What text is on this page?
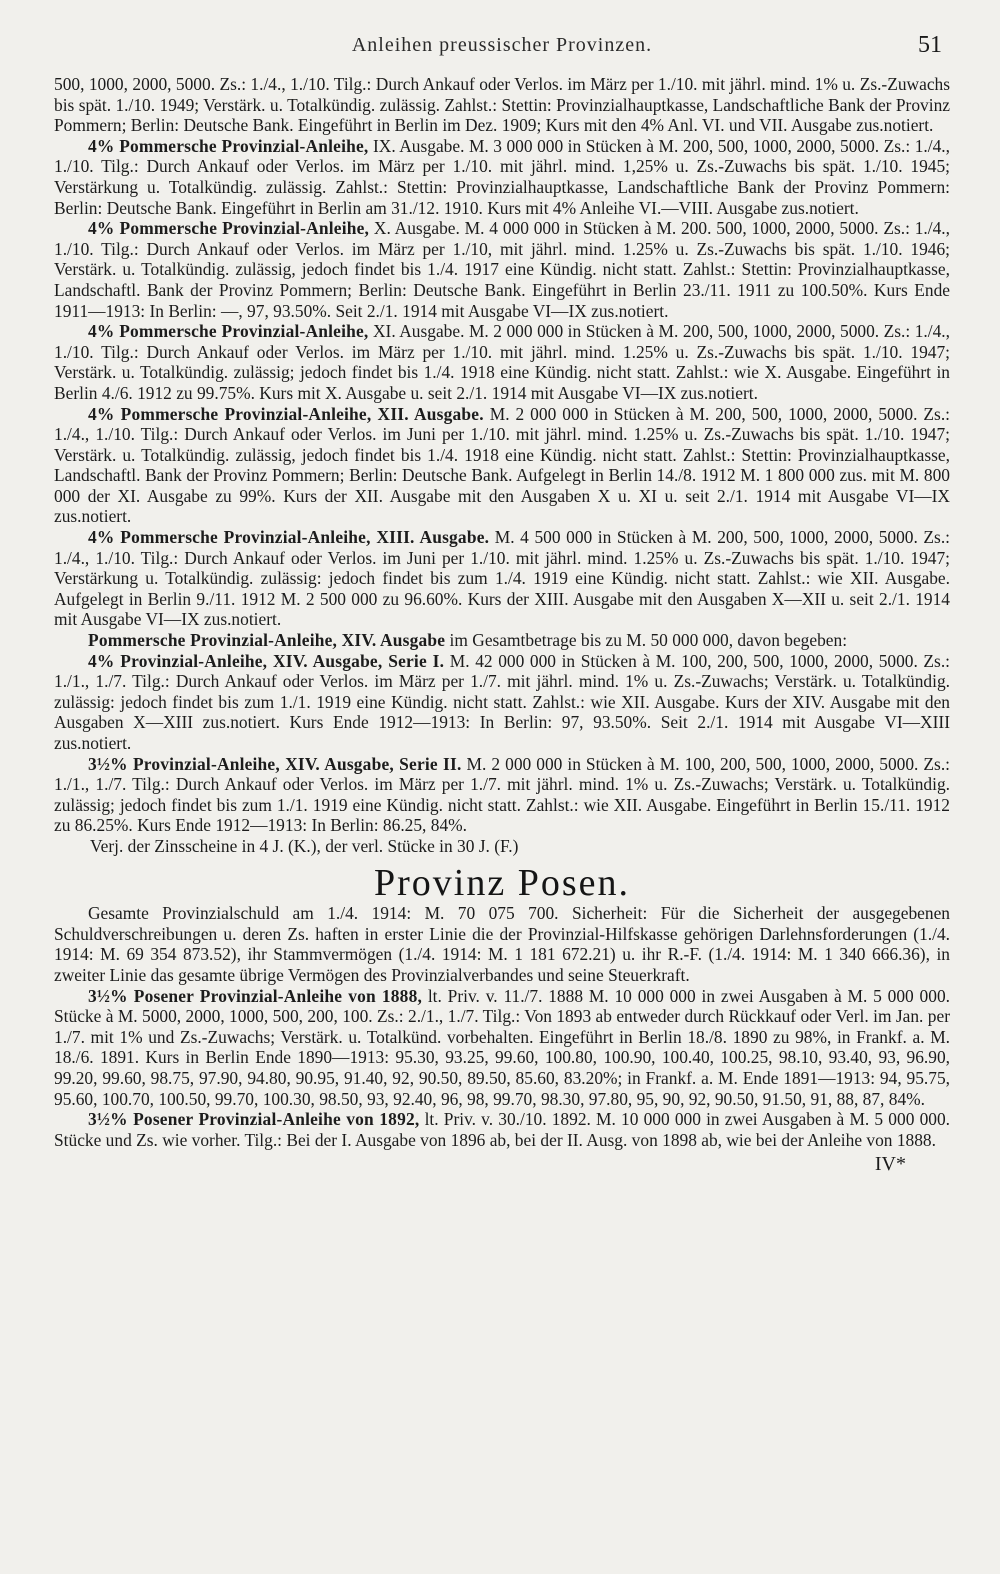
Anleihen preussischer Provinzen.	51

500, 1000, 2000, 5000. Zs.: 1./4., 1./10. Tilg.: Durch Ankauf oder Verlos. im März per 1./10. mit jährl. mind. 1% u. Zs.-Zuwachs bis spät. 1./10. 1949; Verstärk. u. Totalkündig. zulässig. Zahlst.: Stettin: Provinzialhauptkasse, Landschaftliche Bank der Provinz Pommern; Berlin: Deutsche Bank. Eingeführt in Berlin im Dez. 1909; Kurs mit den 4% Anl. VI. und VII. Ausgabe zus.notiert.

4% Pommersche Provinzial-Anleihe, IX. Ausgabe. M. 3 000 000 in Stücken à M. 200, 500, 1000, 2000, 5000. Zs.: 1./4., 1./10. Tilg.: Durch Ankauf oder Verlos. im März per 1./10. mit jährl. mind. 1,25% u. Zs.-Zuwachs bis spät. 1./10. 1945; Verstärkung u. Totalkündig. zulässig. Zahlst.: Stettin: Provinzialhauptkasse, Landschaftliche Bank der Provinz Pommern: Berlin: Deutsche Bank. Eingeführt in Berlin am 31./12. 1910. Kurs mit 4% Anleihe VI.—VIII. Ausgabe zus.notiert.

4% Pommersche Provinzial-Anleihe, X. Ausgabe. M. 4 000 000 in Stücken à M. 200. 500, 1000, 2000, 5000. Zs.: 1./4., 1./10. Tilg.: Durch Ankauf oder Verlos. im März per 1./10, mit jährl. mind. 1.25% u. Zs.-Zuwachs bis spät. 1./10. 1946; Verstärk. u. Totalkündig. zulässig, jedoch findet bis 1./4. 1917 eine Kündig. nicht statt. Zahlst.: Stettin: Provinzialhauptkasse, Landschaftl. Bank der Provinz Pommern; Berlin: Deutsche Bank. Eingeführt in Berlin 23./11. 1911 zu 100.50%. Kurs Ende 1911—1913: In Berlin: —, 97, 93.50%. Seit 2./1. 1914 mit Ausgabe VI—IX zus.notiert.

4% Pommersche Provinzial-Anleihe, XI. Ausgabe. M. 2 000 000 in Stücken à M. 200, 500, 1000, 2000, 5000. Zs.: 1./4., 1./10. Tilg.: Durch Ankauf oder Verlos. im März per 1./10. mit jährl. mind. 1.25% u. Zs.-Zuwachs bis spät. 1./10. 1947; Verstärk. u. Totalkündig. zulässig; jedoch findet bis 1./4. 1918 eine Kündig. nicht statt. Zahlst.: wie X. Ausgabe. Eingeführt in Berlin 4./6. 1912 zu 99.75%. Kurs mit X. Ausgabe u. seit 2./1. 1914 mit Ausgabe VI—IX zus.notiert.

4% Pommersche Provinzial-Anleihe, XII. Ausgabe. M. 2 000 000 in Stücken à M. 200, 500, 1000, 2000, 5000. Zs.: 1./4., 1./10. Tilg.: Durch Ankauf oder Verlos. im Juni per 1./10. mit jährl. mind. 1.25% u. Zs.-Zuwachs bis spät. 1./10. 1947; Verstärk. u. Totalkündig. zulässig, jedoch findet bis 1./4. 1918 eine Kündig. nicht statt. Zahlst.: Stettin: Provinzialhauptkasse, Landschaftl. Bank der Provinz Pommern; Berlin: Deutsche Bank. Aufgelegt in Berlin 14./8. 1912 M. 1 800 000 zus. mit M. 800 000 der XI. Ausgabe zu 99%. Kurs der XII. Ausgabe mit den Ausgaben X u. XI u. seit 2./1. 1914 mit Ausgabe VI—IX zus.notiert.

4% Pommersche Provinzial-Anleihe, XIII. Ausgabe. M. 4 500 000 in Stücken à M. 200, 500, 1000, 2000, 5000. Zs.: 1./4., 1./10. Tilg.: Durch Ankauf oder Verlos. im Juni per 1./10. mit jährl. mind. 1.25% u. Zs.-Zuwachs bis spät. 1./10. 1947; Verstärkung u. Totalkündig. zulässig: jedoch findet bis zum 1./4. 1919 eine Kündig. nicht statt. Zahlst.: wie XII. Ausgabe. Aufgelegt in Berlin 9./11. 1912 M. 2 500 000 zu 96.60%. Kurs der XIII. Ausgabe mit den Ausgaben X—XII u. seit 2./1. 1914 mit Ausgabe VI—IX zus.notiert.

Pommersche Provinzial-Anleihe, XIV. Ausgabe im Gesamtbetrage bis zu M. 50 000 000, davon begeben:

4% Provinzial-Anleihe, XIV. Ausgabe, Serie I. M. 42 000 000 in Stücken à M. 100, 200, 500, 1000, 2000, 5000. Zs.: 1./1., 1./7. Tilg.: Durch Ankauf oder Verlos. im März per 1./7. mit jährl. mind. 1% u. Zs.-Zuwachs; Verstärk. u. Totalkündig. zulässig: jedoch findet bis zum 1./1. 1919 eine Kündig. nicht statt. Zahlst.: wie XII. Ausgabe. Kurs der XIV. Ausgabe mit den Ausgaben X—XIII zus.notiert. Kurs Ende 1912—1913: In Berlin: 97, 93.50%. Seit 2./1. 1914 mit Ausgabe VI—XIII zus.notiert.

3½% Provinzial-Anleihe, XIV. Ausgabe, Serie II. M. 2 000 000 in Stücken à M. 100, 200, 500, 1000, 2000, 5000. Zs.: 1./1., 1./7. Tilg.: Durch Ankauf oder Verlos. im März per 1./7. mit jährl. mind. 1% u. Zs.-Zuwachs; Verstärk. u. Totalkündig. zulässig; jedoch findet bis zum 1./1. 1919 eine Kündig. nicht statt. Zahlst.: wie XII. Ausgabe. Eingeführt in Berlin 15./11. 1912 zu 86.25%. Kurs Ende 1912—1913: In Berlin: 86.25, 84%.

Verj. der Zinsscheine in 4 J. (K.), der verl. Stücke in 30 J. (F.)

Provinz Posen.

Gesamte Provinzialschuld am 1./4. 1914: M. 70 075 700. Sicherheit: Für die Sicherheit der ausgegebenen Schuldverschreibungen u. deren Zs. haften in erster Linie die der Provinzial-Hilfskasse gehörigen Darlehnsforderungen (1./4. 1914: M. 69 354 873.52), ihr Stammvermögen (1./4. 1914: M. 1 181 672.21) u. ihr R.-F. (1./4. 1914: M. 1 340 666.36), in zweiter Linie das gesamte übrige Vermögen des Provinzialverbandes und seine Steuerkraft.

3½% Posener Provinzial-Anleihe von 1888, lt. Priv. v. 11./7. 1888 M. 10 000 000 in zwei Ausgaben à M. 5 000 000. Stücke à M. 5000, 2000, 1000, 500, 200, 100. Zs.: 2./1., 1./7. Tilg.: Von 1893 ab entweder durch Rückkauf oder Verl. im Jan. per 1./7. mit 1% und Zs.-Zuwachs; Verstärk. u. Totalkünd. vorbehalten. Eingeführt in Berlin 18./8. 1890 zu 98%, in Frankf. a. M. 18./6. 1891. Kurs in Berlin Ende 1890—1913: 95.30, 93.25, 99.60, 100.80, 100.90, 100.40, 100.25, 98.10, 93.40, 93, 96.90, 99.20, 99.60, 98.75, 97.90, 94.80, 90.95, 91.40, 92, 90.50, 89.50, 85.60, 83.20%; in Frankf. a. M. Ende 1891—1913: 94, 95.75, 95.60, 100.70, 100.50, 99.70, 100.30, 98.50, 93, 92.40, 96, 98, 99.70, 98.30, 97.80, 95, 90, 92, 90.50, 91.50, 91, 88, 87, 84%.

3½% Posener Provinzial-Anleihe von 1892, lt. Priv. v. 30./10. 1892. M. 10 000 000 in zwei Ausgaben à M. 5 000 000. Stücke und Zs. wie vorher. Tilg.: Bei der I. Ausgabe von 1896 ab, bei der II. Ausg. von 1898 ab, wie bei der Anleihe von 1888.

IV*
